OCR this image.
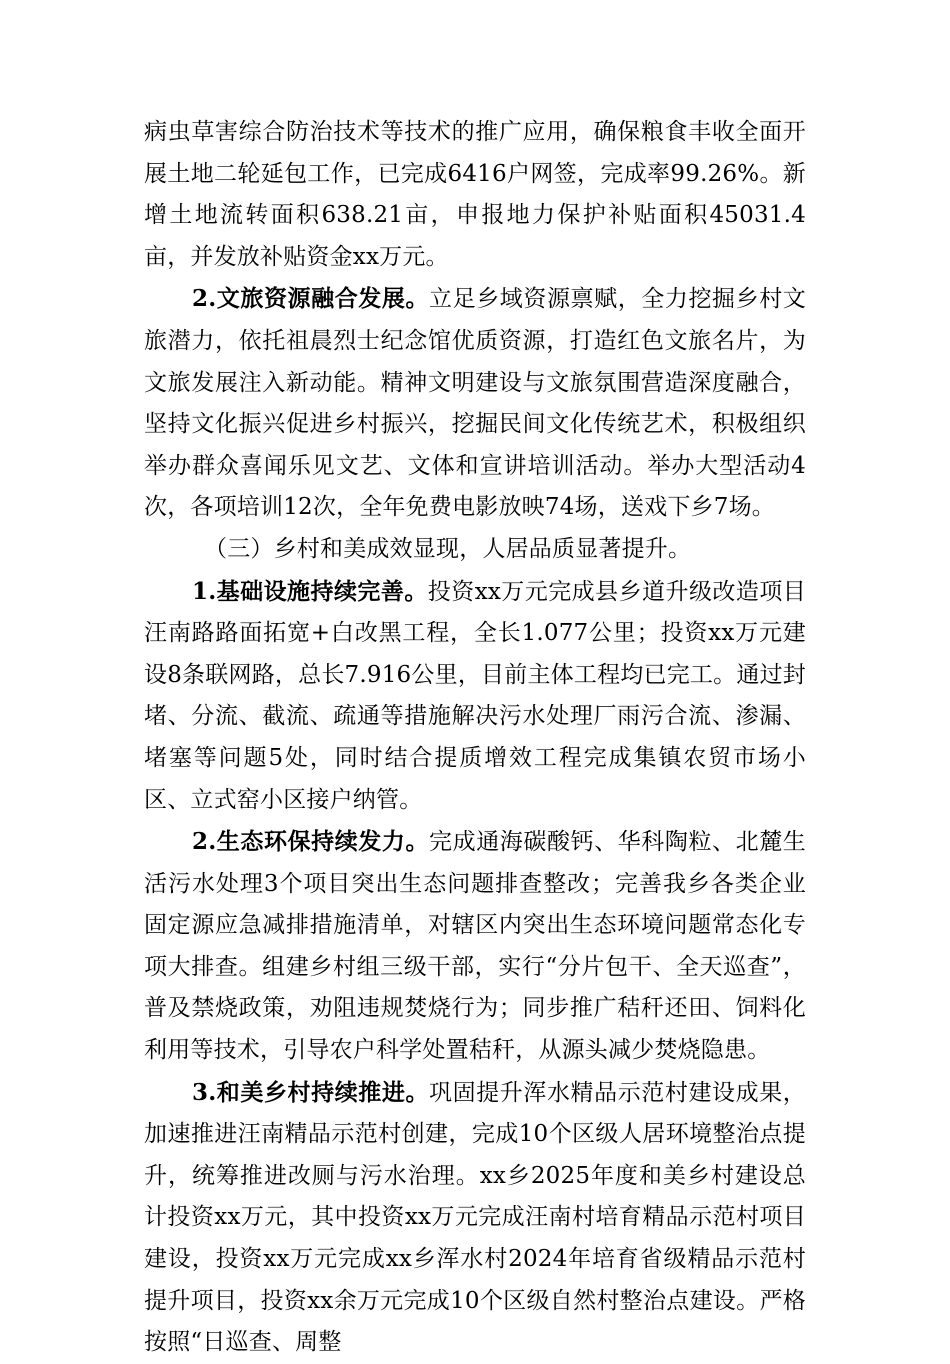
病虫草害综合防治技术等技术的推广应用，确保粮食丰收全面开展土地二轮延包工作，已完成6416户网签，完成率99.26%。新增土地流转面积638.21亩，申报地力保护补贴面积45031.4亩，并发放补贴资金xx万元。

2.文旅资源融合发展。立足乡域资源禀赋，全力挖掘乡村文旅潜力，依托祖晨烈士纪念馆优质资源，打造红色文旅名片，为文旅发展注入新动能。精神文明建设与文旅氛围营造深度融合，坚持文化振兴促进乡村振兴，挖掘民间文化传统艺术，积极组织举办群众喜闻乐见文艺、文体和宣讲培训活动。举办大型活动4次，各项培训12次，全年免费电影放映74场，送戏下乡7场。

（三）乡村和美成效显现，人居品质显著提升。

1.基础设施持续完善。投资xx万元完成县乡道升级改造项目汪南路路面拓宽+白改黑工程，全长1.077公里；投资xx万元建设8条联网路，总长7.916公里，目前主体工程均已完工。通过封堵、分流、截流、疏通等措施解决污水处理厂雨污合流、渗漏、堵塞等问题5处，同时结合提质增效工程完成集镇农贸市场小区、立式窑小区接户纳管。

2.生态环保持续发力。完成通海碳酸钙、华科陶粒、北麓生活污水处理3个项目突出生态问题排查整改；完善我乡各类企业固定源应急减排措施清单，对辖区内突出生态环境问题常态化专项大排查。组建乡村组三级干部，实行“分片包干、全天巡查”，普及禁烧政策，劝阻违规焚烧行为；同步推广秸秆还田、饲料化利用等技术，引导农户科学处置秸秆，从源头减少焚烧隐患。

3.和美乡村持续推进。巩固提升浑水精品示范村建设成果，加速推进汪南精品示范村创建，完成10个区级人居环境整治点提升，统筹推进改厕与污水治理。xx乡2025年度和美乡村建设总计投资xx万元，其中投资xx万元完成汪南村培育精品示范村项目建设，投资xx万元完成xx乡浑水村2024年培育省级精品示范村提升项目，投资xx余万元完成10个区级自然村整治点建设。严格按照“日巡查、周整
